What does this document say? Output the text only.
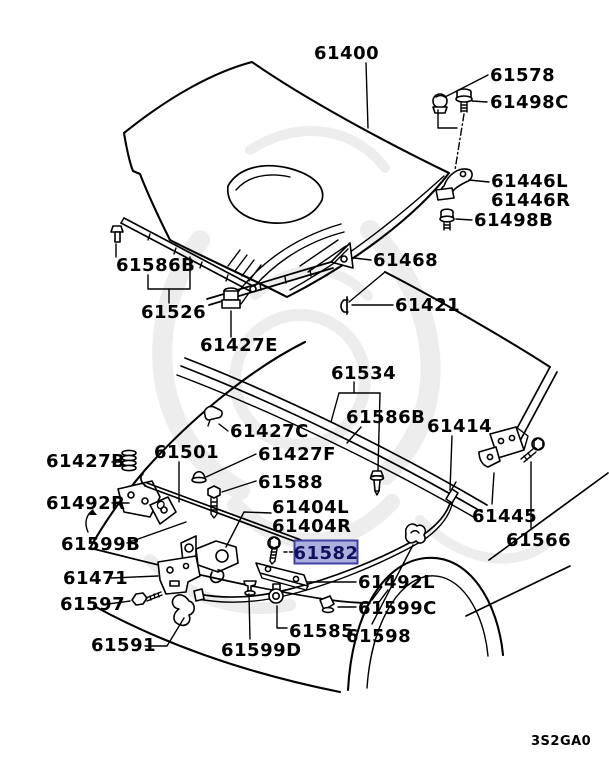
61400
61578
61498C
61446L
61446R
61498B
61468
61421
61586B
61526
61427E
61534
61586B 61414
61427C
61501
61427B	61427F
61588
61492R	61404L
61404R
61599B
61471
61445
61566
61597
61492L
61599C
61585
61591	61598
61599D
61582
3S2GA0
